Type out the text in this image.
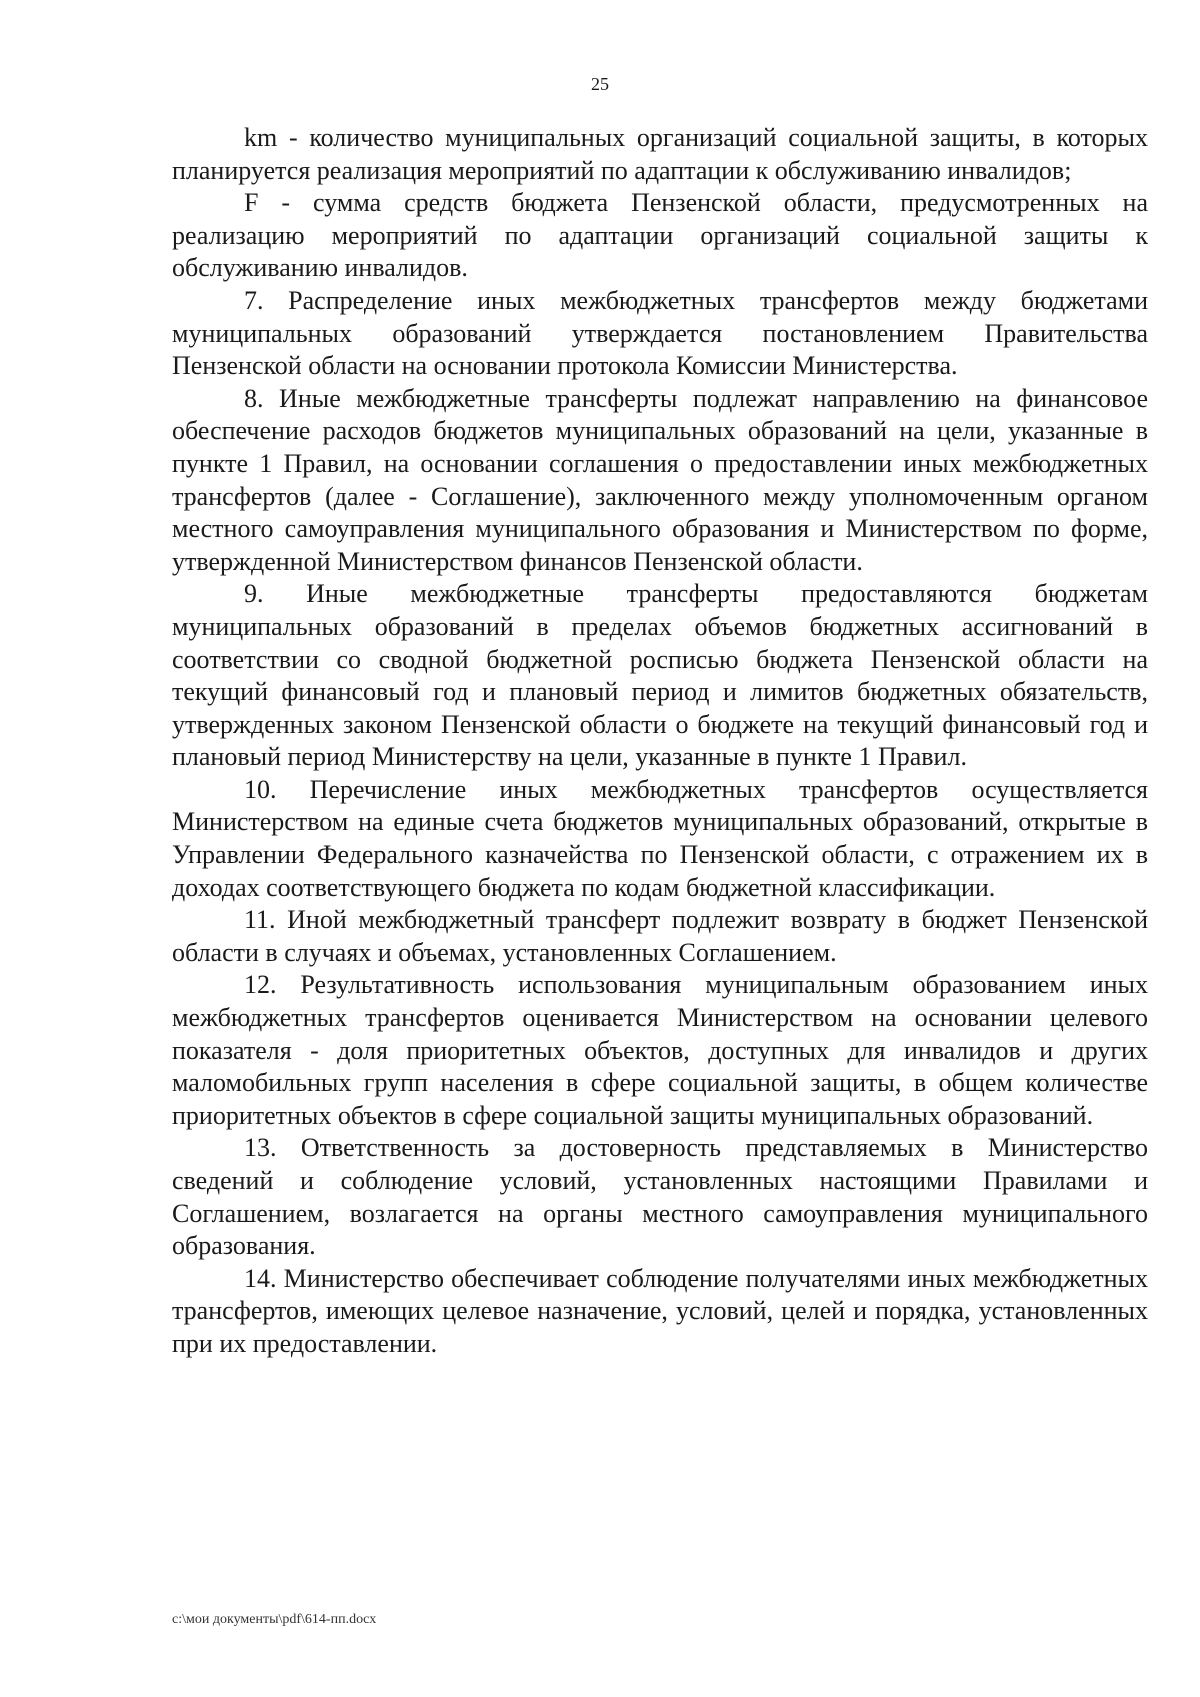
25

km - количество муниципальных организаций социальной защиты, в которых планируется реализация мероприятий по адаптации к обслуживанию инвалидов;

F - сумма средств бюджета Пензенской области, предусмотренных на реализацию мероприятий по адаптации организаций социальной защиты к обслуживанию инвалидов.

7. Распределение иных межбюджетных трансфертов между бюджетами муниципальных образований утверждается постановлением Правительства Пензенской области на основании протокола Комиссии Министерства.

8. Иные межбюджетные трансферты подлежат направлению на финансовое обеспечение расходов бюджетов муниципальных образований на цели, указанные в пункте 1 Правил, на основании соглашения о предоставлении иных межбюджетных трансфертов (далее - Соглашение), заключенного между уполномоченным органом местного самоуправления муниципального образования и Министерством по форме, утвержденной Министерством финансов Пензенской области.

9. Иные межбюджетные трансферты предоставляются бюджетам муниципальных образований в пределах объемов бюджетных ассигнований в соответствии со сводной бюджетной росписью бюджета Пензенской области на текущий финансовый год и плановый период и лимитов бюджетных обязательств, утвержденных законом Пензенской области о бюджете на текущий финансовый год и плановый период Министерству на цели, указанные в пункте 1 Правил.

10. Перечисление иных межбюджетных трансфертов осуществляется Министерством на единые счета бюджетов муниципальных образований, открытые в Управлении Федерального казначейства по Пензенской области, с отражением их в доходах соответствующего бюджета по кодам бюджетной классификации.

11. Иной межбюджетный трансферт подлежит возврату в бюджет Пензенской области в случаях и объемах, установленных Соглашением.

12. Результативность использования муниципальным образованием иных межбюджетных трансфертов оценивается Министерством на основании целевого показателя - доля приоритетных объектов, доступных для инвалидов и других маломобильных групп населения в сфере социальной защиты, в общем количестве приоритетных объектов в сфере социальной защиты муниципальных образований.

13. Ответственность за достоверность представляемых в Министерство сведений и соблюдение условий, установленных настоящими Правилами и Соглашением, возлагается на органы местного самоуправления муниципального образования.

14. Министерство обеспечивает соблюдение получателями иных межбюджетных трансфертов, имеющих целевое назначение, условий, целей и порядка, установленных при их предоставлении.

c:\мои документы\pdf\614-пп.docx
